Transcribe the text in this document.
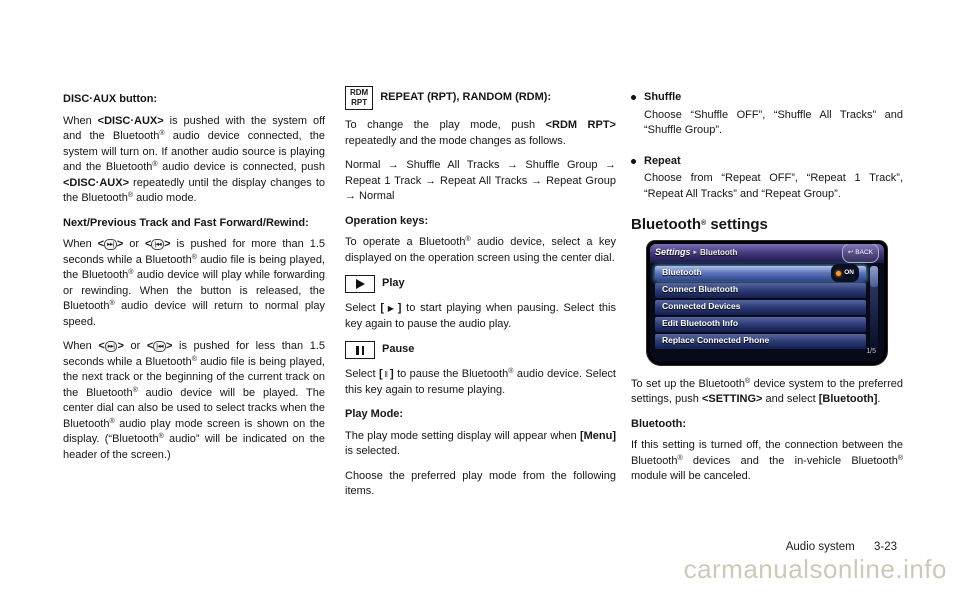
DISC·AUX button:

When <DISC·AUX> is pushed with the system off and the Bluetooth® audio device connected, the system will turn on. If another audio source is playing and the Bluetooth® audio device is connected, push <DISC·AUX> repeatedly until the display changes to the Bluetooth® audio mode.

Next/Previous Track and Fast Forward/Rewind:

When < ▸▸| > or < |◂◂ > is pushed for more than 1.5 seconds while a Bluetooth® audio file is being played, the Bluetooth® audio device will play while forwarding or rewinding. When the button is released, the Bluetooth® audio device will return to normal play speed.

When < ▸▸| > or < |◂◂ > is pushed for less than 1.5 seconds while a Bluetooth® audio file is being played, the next track or the beginning of the current track on the Bluetooth® audio device will be played. The center dial can also be used to select tracks when the Bluetooth® audio play mode screen is shown on the display. (“Bluetooth® audio” will be indicated on the header of the screen.)

RDM
RPT REPEAT (RPT), RANDOM (RDM):

To change the play mode, push <RDM RPT> repeatedly and the mode changes as follows.

Normal → Shuffle All Tracks → Shuffle Group → Repeat 1 Track → Repeat All Tracks → Repeat Group → Normal

Operation keys:

To operate a Bluetooth® audio device, select a key displayed on the operation screen using the center dial.

Play

Select [ ▶ ] to start playing when pausing. Select this key again to pause the audio play.

Pause

Select [ ‖ ] to pause the Bluetooth® audio device. Select this key again to resume playing.

Play Mode:

The play mode setting display will appear when [Menu] is selected.

Choose the preferred play mode from the following items.

Shuffle

Choose “Shuffle OFF”, “Shuffle All Tracks” and “Shuffle Group”.

Repeat

Choose from “Repeat OFF”, “Repeat 1 Track”, “Repeat All Tracks” and “Repeat Group”.

Bluetooth® settings
Settings ▸ Bluetooth	↩ BACK
Bluetooth	ON
Connect Bluetooth
Connected Devices
Edit Bluetooth Info
Replace Connected Phone
1/5

To set up the Bluetooth® device system to the preferred settings, push <SETTING> and select [Bluetooth].

Bluetooth:

If this setting is turned off, the connection between the Bluetooth® devices and the in-vehicle Bluetooth® module will be canceled.

Audio system 3-23
carmanualsonline.info
